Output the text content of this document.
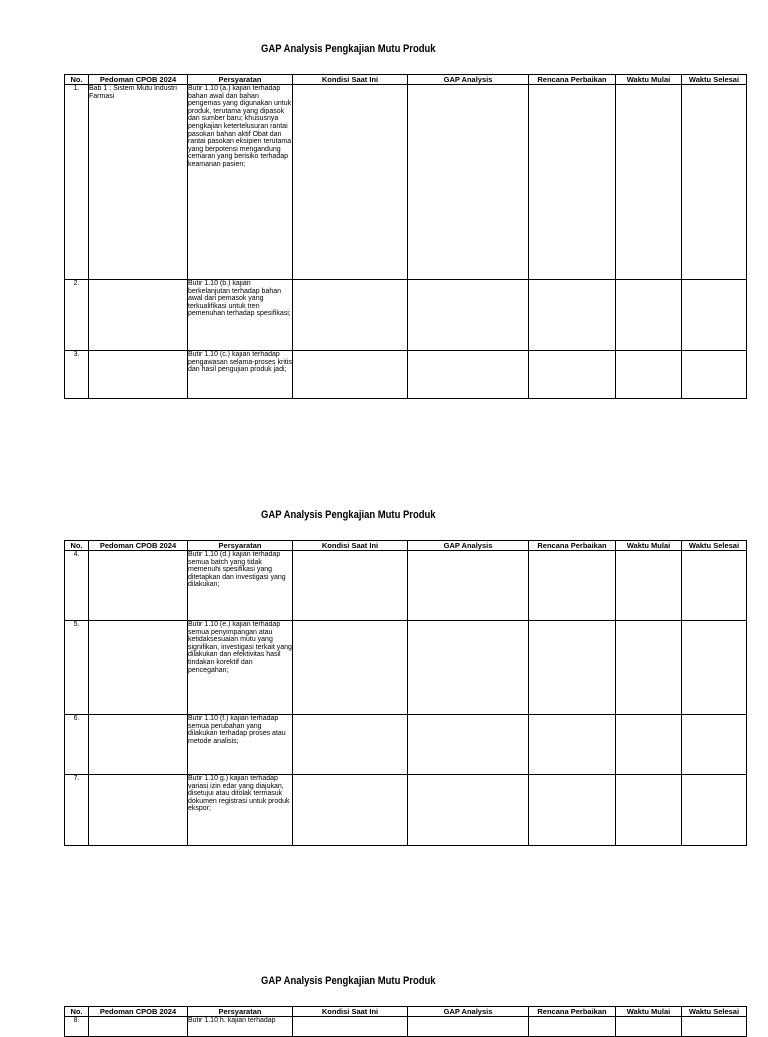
GAP Analysis Pengkajian Mutu Produk
No.	Pedoman CPOB 2024	Persyaratan	Kondisi Saat Ini	GAP Analysis	Rencana Perbaikan	Waktu Mulai	Waktu Selesai
1.	Bab 1 : Sistem Mutu Industri Farmasi	Butir 1.10 (a.) kajian terhadap bahan awal dan bahan pengemas yang digunakan untuk produk, terutama yang dipasok dari sumber baru; khususnya pengkajian ketertelusuran rantai pasokan bahan aktif Obat dan rantai pasokan eksipien terutama yang berpotensi mengandung cemaran yang berisiko terhadap keamanan pasien;					
2.		Butir 1.10 (b.) kajian berkelanjutan terhadap bahan awal dari pemasok yang terkualifikasi untuk tren pemenuhan terhadap spesifikasi;					
3.		Butir 1.10 (c.) kajian terhadap pengawasan selama-proses kritis dan hasil pengujian produk jadi;					
GAP Analysis Pengkajian Mutu Produk
No.	Pedoman CPOB 2024	Persyaratan	Kondisi Saat Ini	GAP Analysis	Rencana Perbaikan	Waktu Mulai	Waktu Selesai
4.		Butir 1.10 (d.) kajian terhadap semua batch yang tidak memenuhi spesifikasi yang ditetapkan dan investigasi yang dilakukan;					
5.		Butir 1.10 (e.) kajian terhadap semua penyimpangan atau ketidaksesuaian mutu yang signifikan, investigasi terkait yang dilakukan dan efektivitas hasil tindakan korektif dan pencegahan;					
6.		Butir 1.10 (f.) kajian terhadap semua perubahan yang dilakukan terhadap proses atau metode analisis;					
7.		Butir 1.10 g.) kajian terhadap variasi izin edar yang diajukan, disetujui atau ditolak termasuk dokumen registrasi untuk produk ekspor;					
GAP Analysis Pengkajian Mutu Produk
No.	Pedoman CPOB 2024	Persyaratan	Kondisi Saat Ini	GAP Analysis	Rencana Perbaikan	Waktu Mulai	Waktu Selesai
8.		Butir 1.10 h. kajian terhadap					
